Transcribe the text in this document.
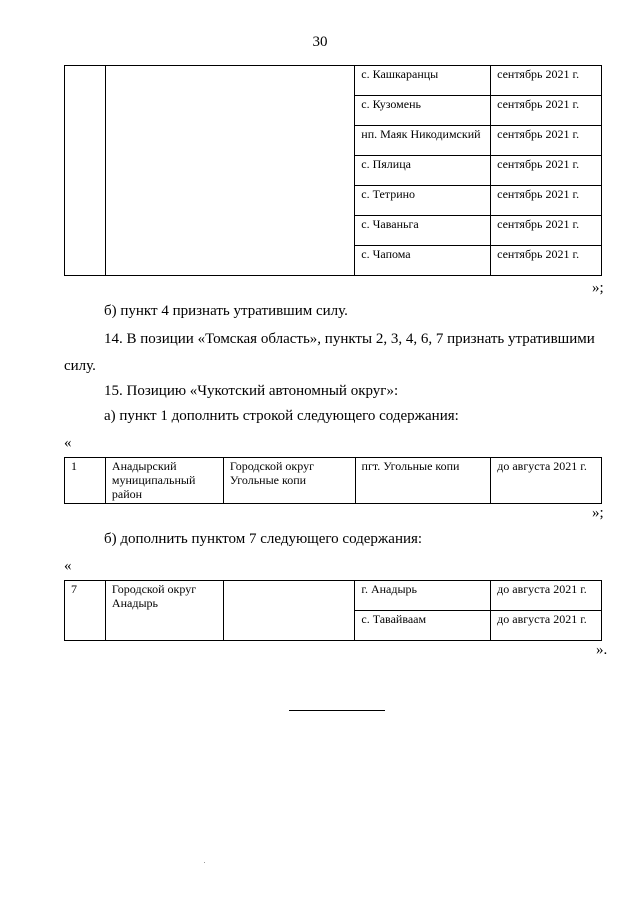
30
		с. Кашкаранцы	сентябрь 2021 г.
		с. Кузомень	сентябрь 2021 г.
		нп. Маяк Никодимский	сентябрь 2021 г.
		с. Пялица	сентябрь 2021 г.
		с. Тетрино	сентябрь 2021 г.
		с. Чаваньга	сентябрь 2021 г.
		с. Чапома	сентябрь 2021 г.
»;
б) пункт 4 признать утратившим силу.
14. В позиции «Томская область», пункты 2, 3, 4, 6, 7 признать утратившими
силу.
15. Позицию «Чукотский автономный округ»:
а) пункт 1 дополнить строкой следующего содержания:
«
1	Анадырский муниципальный район	Городской округ Угольные копи	пгт. Угольные копи	до августа 2021 г.
»;
б) дополнить пунктом 7 следующего содержания:
«
7	Городской округ Анадырь		г. Анадырь	до августа 2021 г.
			с. Тавайваам	до августа 2021 г.
».
